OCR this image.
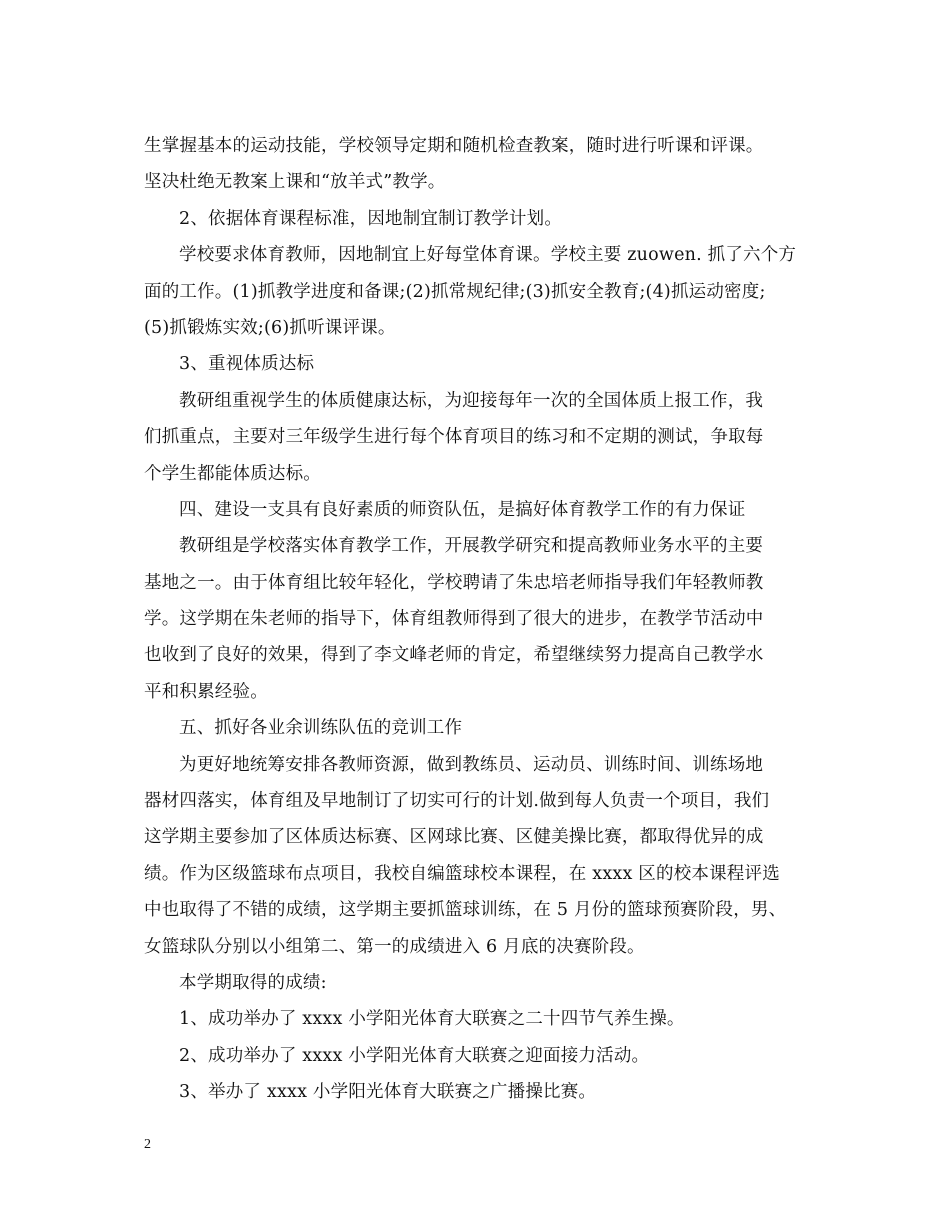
生掌握基本的运动技能，学校领导定期和随机检查教案，随时进行听课和评课。
坚决杜绝无教案上课和“放羊式”教学。
2、依据体育课程标准，因地制宜制订教学计划。
学校要求体育教师，因地制宜上好每堂体育课。学校主要 zuowen. 抓了六个方
面的工作。(1)抓教学进度和备课;(2)抓常规纪律;(3)抓安全教育;(4)抓运动密度;
(5)抓锻炼实效;(6)抓听课评课。
3、重视体质达标
教研组重视学生的体质健康达标，为迎接每年一次的全国体质上报工作，我
们抓重点，主要对三年级学生进行每个体育项目的练习和不定期的测试，争取每
个学生都能体质达标。
四、建设一支具有良好素质的师资队伍，是搞好体育教学工作的有力保证
教研组是学校落实体育教学工作，开展教学研究和提高教师业务水平的主要
基地之一。由于体育组比较年轻化，学校聘请了朱忠培老师指导我们年轻教师教
学。这学期在朱老师的指导下，体育组教师得到了很大的进步，在教学节活动中
也收到了良好的效果，得到了李文峰老师的肯定，希望继续努力提高自己教学水
平和积累经验。
五、抓好各业余训练队伍的竞训工作
为更好地统筹安排各教师资源，做到教练员、运动员、训练时间、训练场地
器材四落实，体育组及早地制订了切实可行的计划.做到每人负责一个项目，我们
这学期主要参加了区体质达标赛、区网球比赛、区健美操比赛，都取得优异的成
绩。作为区级篮球布点项目，我校自编篮球校本课程，在 xxxx 区的校本课程评选
中也取得了不错的成绩，这学期主要抓篮球训练，在 5 月份的篮球预赛阶段，男、
女篮球队分别以小组第二、第一的成绩进入 6 月底的决赛阶段。
本学期取得的成绩:
1、成功举办了 xxxx 小学阳光体育大联赛之二十四节气养生操。
2、成功举办了 xxxx 小学阳光体育大联赛之迎面接力活动。
3、举办了 xxxx 小学阳光体育大联赛之广播操比赛。
2
